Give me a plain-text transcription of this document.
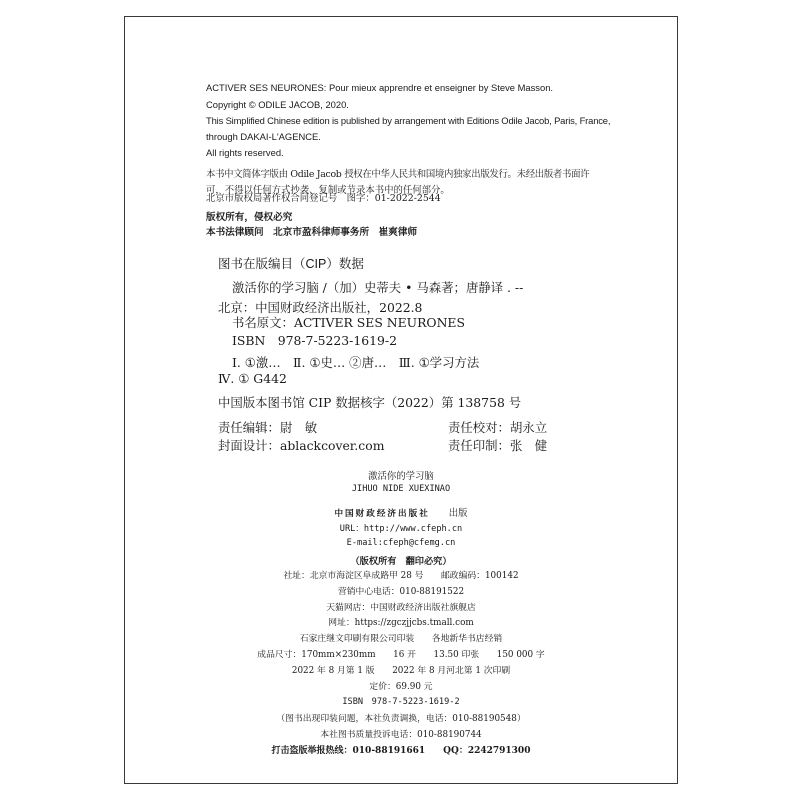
ACTIVER SES NEURONES: Pour mieux apprendre et enseigner by Steve Masson.
Copyright © ODILE JACOB, 2020.
This Simplified Chinese edition is published by arrangement with Editions Odile Jacob, Paris, France,
through DAKAI-L'AGENCE.
All rights reserved.
本书中文简体字版由 Odile Jacob 授权在中华人民共和国境内独家出版发行。未经出版者书面许
可，不得以任何方式抄袭、复制或节录本书中的任何部分。
北京市版权局著作权合同登记号　图字：01-2022-2544
版权所有，侵权必究
本书法律顾问　北京市盈科律师事务所　崔爽律师
图书在版编目（CIP）数据
激活你的学习脑 /（加）史蒂夫 • 马森著；唐静译 . --
北京：中国财政经济出版社，2022.8
书名原文：ACTIVER SES NEURONES
ISBN　978-7-5223-1619-2
Ⅰ. ①激…　Ⅱ. ①史… ②唐…　Ⅲ. ①学习方法
Ⅳ. ① G442
中国版本图书馆 CIP 数据核字（2022）第 138758 号
责任编辑：尉　敏	责任校对：胡永立
封面设计：ablackcover.com	责任印制：张　健
激活你的学习脑
JIHUO NIDE XUEXINAO
中国财政经济出版社 出版
URL：http://www.cfeph.cn
E-mail:cfeph@cfemg.cn
（版权所有　翻印必究）
社址：北京市海淀区阜成路甲 28 号　　邮政编码：100142
营销中心电话：010-88191522
天猫网店：中国财政经济出版社旗舰店
网址：https://zgczjjcbs.tmall.com
石家庄继文印刷有限公司印装　　各地新华书店经销
成品尺寸：170mm×230mm　　16 开　　13.50 印张　　150 000 字
2022 年 8 月第 1 版　　2022 年 8 月河北第 1 次印刷
定价：69.90 元
ISBN　978-7-5223-1619-2
（图书出现印装问题，本社负责调换，电话：010-88190548）
本社图书质量投诉电话：010-88190744
打击盗版举报热线：010-88191661　　QQ：2242791300
